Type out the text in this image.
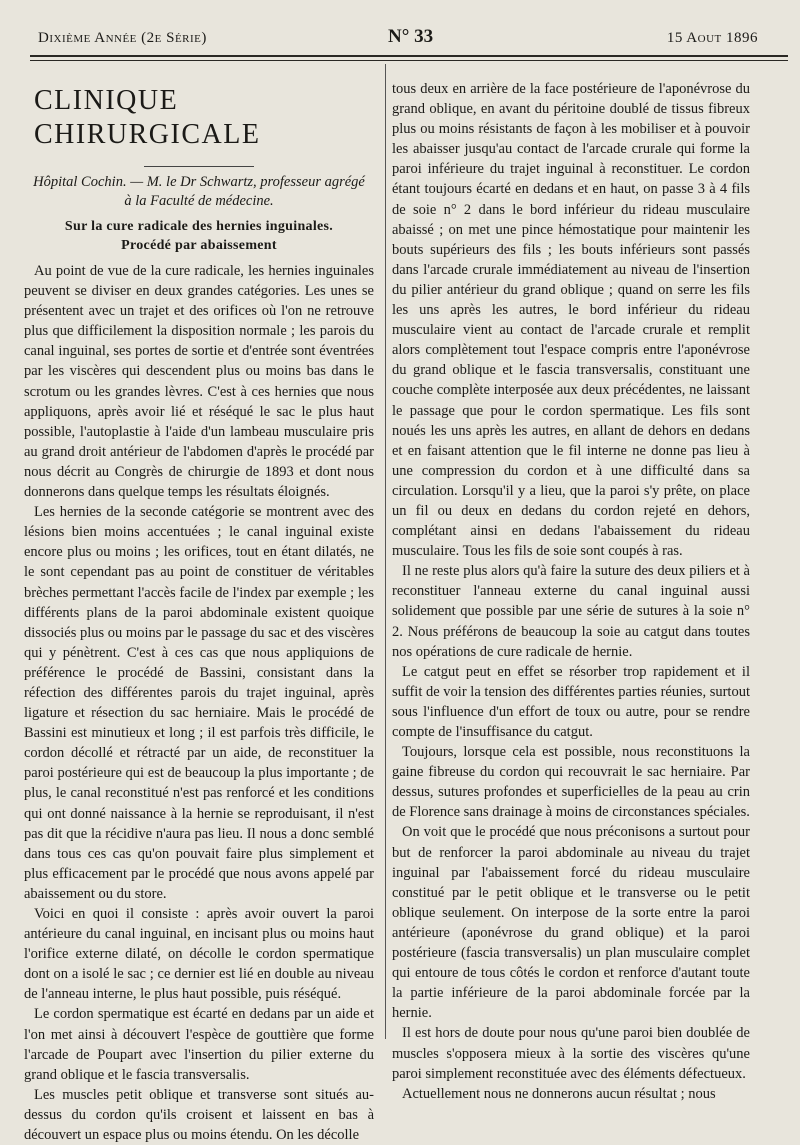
Dixième Année (2e Série)	N° 33	15 Aout 1896
CLINIQUE CHIRURGICALE
Hôpital Cochin. — M. le Dr Schwartz, professeur agrégé
à la Faculté de médecine.
Sur la cure radicale des hernies inguinales.
Procédé par abaissement

Au point de vue de la cure radicale, les hernies inguinales peuvent se diviser en deux grandes catégories. Les unes se présentent avec un trajet et des orifices où l'on ne retrouve plus que difficilement la disposition normale ; les parois du canal inguinal, ses portes de sortie et d'entrée sont éventrées par les viscères qui descendent plus ou moins bas dans le scrotum ou les grandes lèvres. C'est à ces hernies que nous appliquons, après avoir lié et réséqué le sac le plus haut possible, l'autoplastie à l'aide d'un lambeau musculaire pris au grand droit antérieur de l'abdomen d'après le procédé par nous décrit au Congrès de chirurgie de 1893 et dont nous donnerons dans quelque temps les résultats éloignés.

Les hernies de la seconde catégorie se montrent avec des lésions bien moins accentuées ; le canal inguinal existe encore plus ou moins ; les orifices, tout en étant dilatés, ne le sont cependant pas au point de constituer de véritables brèches permettant l'accès facile de l'index par exemple ; les différents plans de la paroi abdominale existent quoique dissociés plus ou moins par le passage du sac et des viscères qui y pénètrent. C'est à ces cas que nous appliquions de préférence le procédé de Bassini, consistant dans la réfection des différentes parois du trajet inguinal, après ligature et résection du sac herniaire. Mais le procédé de Bassini est minutieux et long ; il est parfois très difficile, le cordon décollé et rétracté par un aide, de reconstituer la paroi postérieure qui est de beaucoup la plus importante ; de plus, le canal reconstitué n'est pas renforcé et les conditions qui ont donné naissance à la hernie se reproduisant, il n'est pas dit que la récidive n'aura pas lieu. Il nous a donc semblé dans tous ces cas qu'on pouvait faire plus simplement et plus efficacement par le procédé que nous avons appelé par abaissement ou du store.

Voici en quoi il consiste : après avoir ouvert la paroi antérieure du canal inguinal, en incisant plus ou moins haut l'orifice externe dilaté, on décolle le cordon spermatique dont on a isolé le sac ; ce dernier est lié en double au niveau de l'anneau interne, le plus haut possible, puis réséqué.

Le cordon spermatique est écarté en dedans par un aide et l'on met ainsi à découvert l'espèce de gouttière que forme l'arcade de Poupart avec l'insertion du pilier externe du grand oblique et le fascia transversalis.

Les muscles petit oblique et transverse sont situés au-dessus du cordon qu'ils croisent et laissent en bas à découvert un espace plus ou moins étendu. On les décolle

tous deux en arrière de la face postérieure de l'aponévrose du grand oblique, en avant du péritoine doublé de tissus fibreux plus ou moins résistants de façon à les mobiliser et à pouvoir les abaisser jusqu'au contact de l'arcade crurale qui forme la paroi inférieure du trajet inguinal à reconstituer. Le cordon étant toujours écarté en dedans et en haut, on passe 3 à 4 fils de soie n° 2 dans le bord inférieur du rideau musculaire abaissé ; on met une pince hémostatique pour maintenir les bouts supérieurs des fils ; les bouts inférieurs sont passés dans l'arcade crurale immédiatement au niveau de l'insertion du pilier antérieur du grand oblique ; quand on serre les fils les uns après les autres, le bord inférieur du rideau musculaire vient au contact de l'arcade crurale et remplit alors complètement tout l'espace compris entre l'aponévrose du grand oblique et le fascia transversalis, constituant une couche complète interposée aux deux précédentes, ne laissant le passage que pour le cordon spermatique. Les fils sont noués les uns après les autres, en allant de dehors en dedans et en faisant attention que le fil interne ne donne pas lieu à une compression du cordon et à une difficulté dans sa circulation. Lorsqu'il y a lieu, que la paroi s'y prête, on place un fil ou deux en dedans du cordon rejeté en dehors, complétant ainsi en dedans l'abaissement du rideau musculaire. Tous les fils de soie sont coupés à ras.

Il ne reste plus alors qu'à faire la suture des deux piliers et à reconstituer l'anneau externe du canal inguinal aussi solidement que possible par une série de sutures à la soie n° 2. Nous préférons de beaucoup la soie au catgut dans toutes nos opérations de cure radicale de hernie.

Le catgut peut en effet se résorber trop rapidement et il suffit de voir la tension des différentes parties réunies, surtout sous l'influence d'un effort de toux ou autre, pour se rendre compte de l'insuffisance du catgut.

Toujours, lorsque cela est possible, nous reconstituons la gaine fibreuse du cordon qui recouvrait le sac herniaire. Par dessus, sutures profondes et superficielles de la peau au crin de Florence sans drainage à moins de circonstances spéciales.

On voit que le procédé que nous préconisons a surtout pour but de renforcer la paroi abdominale au niveau du trajet inguinal par l'abaissement forcé du rideau musculaire constitué par le petit oblique et le transverse ou le petit oblique seulement. On interpose de la sorte entre la paroi antérieure (aponévrose du grand oblique) et la paroi postérieure (fascia transversalis) un plan musculaire complet qui entoure de tous côtés le cordon et renforce d'autant toute la partie inférieure de la paroi abdominale forcée par la hernie.

Il est hors de doute pour nous qu'une paroi bien doublée de muscles s'opposera mieux à la sortie des viscères qu'une paroi simplement reconstituée avec des éléments défectueux.

Actuellement nous ne donnerons aucun résultat ; nous
